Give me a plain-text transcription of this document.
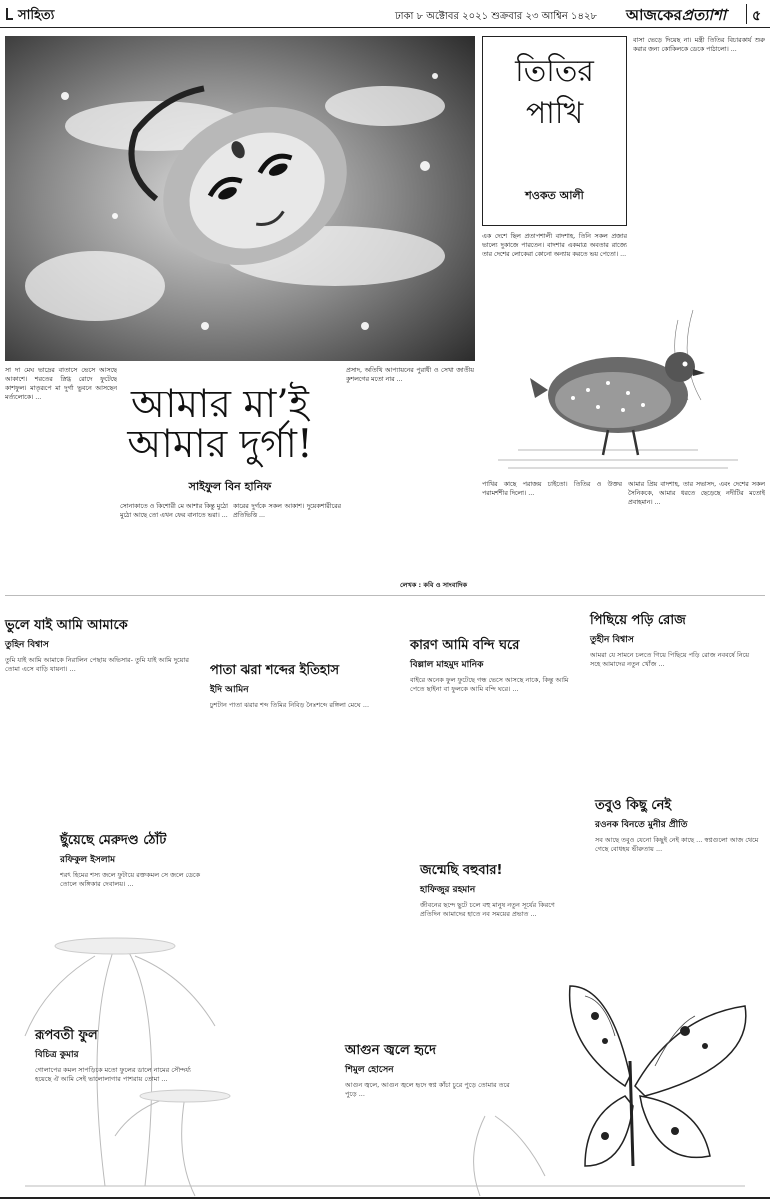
সাহিত্য	ঢাকা ৮ অক্টোবর ২০২১ শুক্রবার ২৩ আশ্বিন ১৪২৮ আজকেরপ্রত্যাশা	৫
তিতির
পাখি
শওকত আলী
এক দেশে ছিল প্রতাপশালী বাদশাহ, তিনি সকল প্রজার ভাল্যে দুকাজে পারতেন। বাদশার একমাত্র অবতার রাজ্যে তার দেশের লোকেরা কোনো অন্যায় করতে ভয় পেতো। ...
বাসা ভেড়ে দিয়েছ না। মন্ত্রী তিতির বিচারকার্য শুরু করার জন্য কোকিলকে ডেকে পাঠালো। ...
পাখির কাছে পরাজয় চাইতো। তিতির ও উক্তর পরামর্শশীর দিলো। ...
আমার প্রিয় বাদশাহ, তার সভাসদ, এবং দেশের সকল সৈনিককে, আমার ধরতে ছেড়েছে নদীটির মতোই প্রবাহমান। ...
সা দা মেঘ ভাদ্রের বাতাসে ভেসে আসছে আকাশে। শরতের স্নিগ্ধ রোদে ফুটেছে কাশফুল। মাতৃরূপে মা দুর্গা ভুবনে আসছেন মর্ত্যলোকে। ...	আমার মা’ই
আমার দুর্গা!
সাইফুল বিন হানিফ
সোনাকাতে ও কিশোরী মে আশার কিন্তু মুঠো মুঠো আছে তো এখন ফের বানাতে ভরা। ...
কারের দুর্গকে সকল আকাশ। দুয়েকশারীরের প্রতিভিত্তি ...
প্রসাদ, অতিথি আপ্যায়নের পুরাধী ও সেখা জাতীয় কুশলগের মতো নার ...
লেখক : কবি ও সাংবাদিক
ভুলে যাই আমি আমাকে
তুহিন বিশ্বাস
তুমি যাই আমি আমাকে নিরালিন পেছায় অভিসার- তুমি যাই আমি দুয়োর তোমা এসে বাড়ি যায়না। ...	পাতা ঝরা শব্দের ইতিহাস
ইদি আমিন
ঢুশটান পাতা ঝরার শব্দ তিমির নিবিড় নৈঃশব্দে রঙ্গিলা মেঘে ...
কারণ আমি বন্দি ঘরে
বিল্লাল মাহমুদ মানিক
বাইরে অনেক ফুল ফুটেছে গন্ধ ভেসে আসছে নাকে, কিন্তু আমি পেতে ছাইনা বা ফুলকে আমি বন্দি ঘরে। ...
পিছিয়ে পড়ি রোজ
তুহীন বিশ্বাস
আমরা যে সামনে চলতে গিয়ে পিছিয়ে পড়ি রোজ নববর্ষে নিয়ে সহে আমাদের নতুন খোঁজ ...
ছুঁয়েছে মেরুদণ্ড ঠোঁট
রফিকুল ইসলাম
শরৎ হিমের শস্য জলে ফুটায়ে রক্তকমল সে জলে ডেকে তোলে অঙ্গিকার দেবালয়। ...
জন্মেছি বহুবার!
হাফিজুর রহমান
জীবনের ছন্দে ছুটে চলে বহু মানুষ নতুন সূর্যের কিরণে প্রতিদিন আমাদের হাতে নব সময়ের প্রভাত ...
তবুও কিছু নেই
রওনক বিনতে মুনীর প্রীতি
সব আছে তবুও যেনো কিছুই নেই কাছে ... স্বপ্নগুলো আজ থেমে গেছে বোধহয় ভীরুতায় ...
রূপবতী ফুল
বিচিত্র কুমার
গোলাপের কমল সাপড়িকে মতো ফুলের ডালে নামের সৌন্দর্য্য হয়েছে ঐ আমি সেই ভালোলাগার পাশরায় তোমা ...
আগুন জ্বলে হৃদে
শিমুল হোসেন
আগুন জ্বলে, আগুন জ্বলে হৃদে স্বপ্ন কাঁচা চুরে পুড়ে তোমার তরে পুড়ে ...
